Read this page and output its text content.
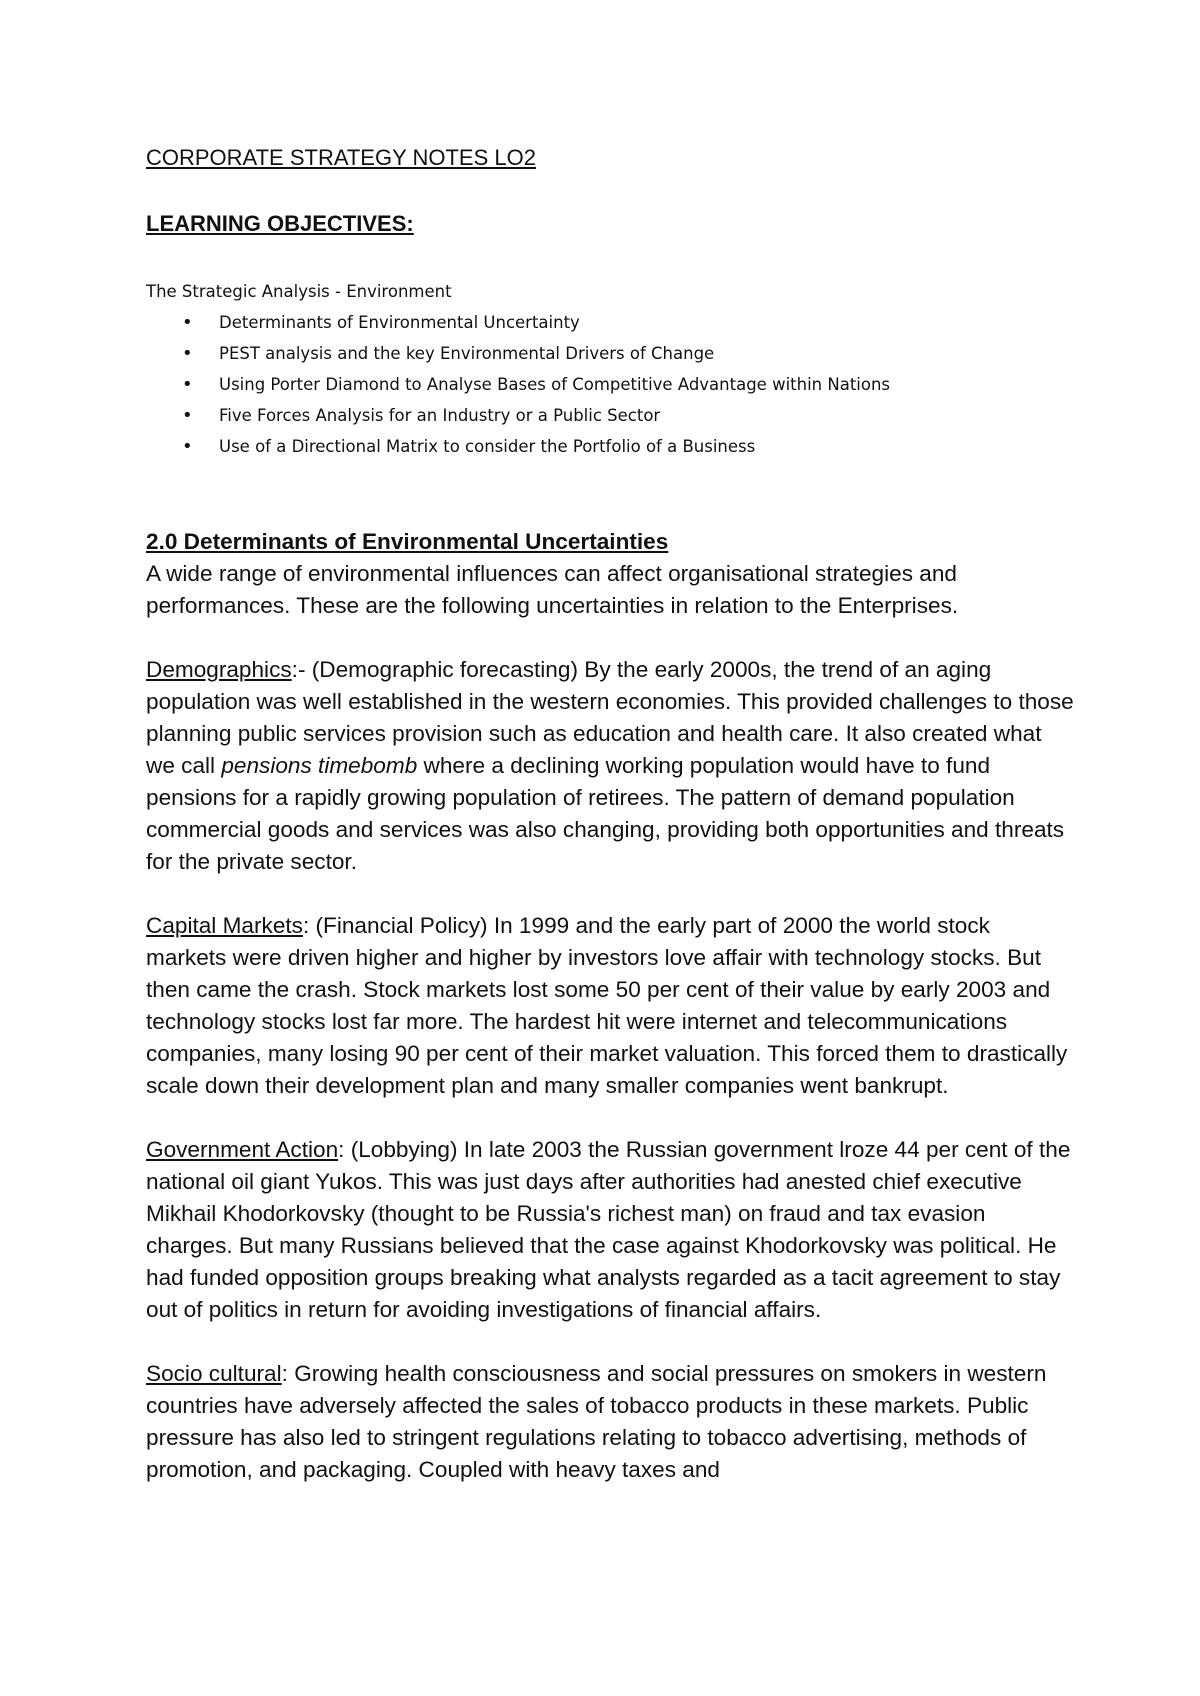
CORPORATE STRATEGY NOTES LO2
LEARNING OBJECTIVES:

The Strategic Analysis - Environment

• Determinants of Environmental Uncertainty
• PEST analysis and the key Environmental Drivers of Change
• Using Porter Diamond to Analyse Bases of Competitive Advantage within Nations
• Five Forces Analysis for an Industry or a Public Sector
• Use of a Directional Matrix to consider the Portfolio of a Business
2.0 Determinants of Environmental Uncertainties

A wide range of environmental influences can affect organisational strategies and performances. These are the following uncertainties in relation to the Enterprises.

Demographics:- (Demographic forecasting) By the early 2000s, the trend of an aging population was well established in the western economies. This provided challenges to those planning public services provision such as education and health care. It also created what we call pensions timebomb where a declining working population would have to fund pensions for a rapidly growing population of retirees. The pattern of demand population commercial goods and services was also changing, providing both opportunities and threats for the private sector.

Capital Markets: (Financial Policy) In 1999 and the early part of 2000 the world stock markets were driven higher and higher by investors love affair with technology stocks. But then came the crash. Stock markets lost some 50 per cent of their value by early 2003 and technology stocks lost far more. The hardest hit were internet and telecommunications companies, many losing 90 per cent of their market valuation. This forced them to drastically scale down their development plan and many smaller companies went bankrupt.

Government Action: (Lobbying) In late 2003 the Russian government lroze 44 per cent of the national oil giant Yukos. This was just days after authorities had anested chief executive Mikhail Khodorkovsky (thought to be Russia's richest man) on fraud and tax evasion charges. But many Russians believed that the case against Khodorkovsky was political. He had funded opposition groups breaking what analysts regarded as a tacit agreement to stay out of politics in return for avoiding investigations of financial affairs.

Socio cultural: Growing health consciousness and social pressures on smokers in western countries have adversely affected the sales of tobacco products in these markets. Public pressure has also led to stringent regulations relating to tobacco advertising, methods of promotion, and packaging. Coupled with heavy taxes and
